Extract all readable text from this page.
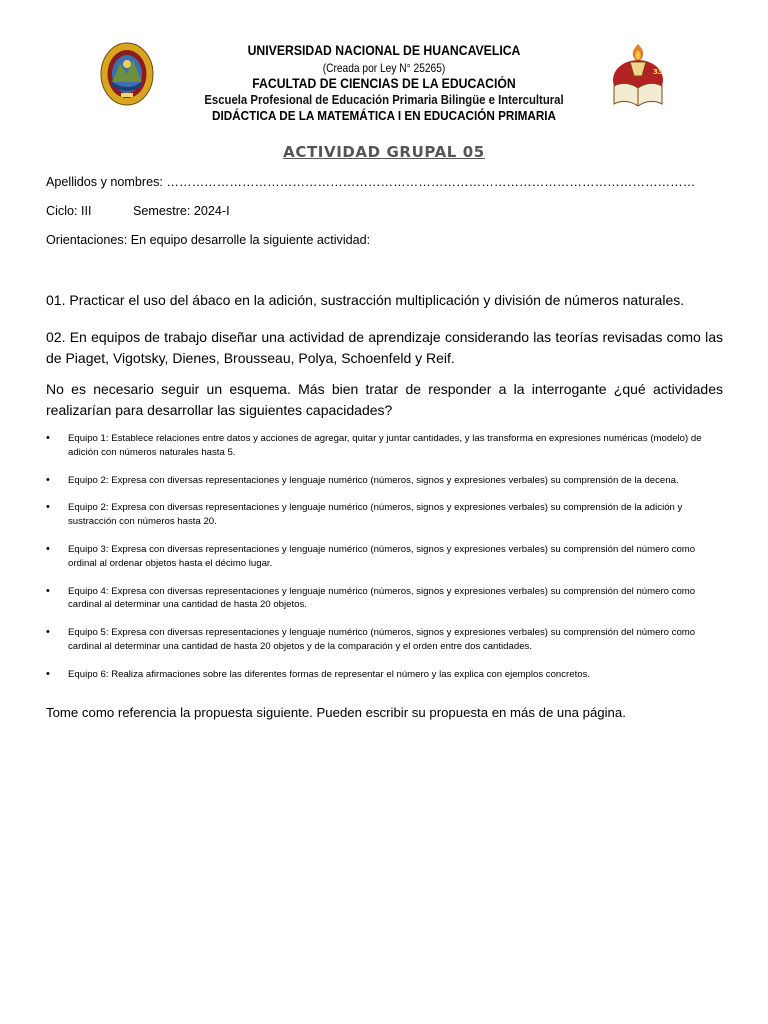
33
UNIVERSIDAD NACIONAL DE HUANCAVELICA
(Creada por Ley N° 25265)
FACULTAD DE CIENCIAS DE LA EDUCACIÓN
Escuela Profesional de Educación Primaria Bilingüe e Intercultural
DIDÁCTICA DE LA MATEMÁTICA I EN EDUCACIÓN PRIMARIA
ACTIVIDAD GRUPAL 05
Apellidos y nombres: ………………………………………………………………………………………………………………
Ciclo: III	Semestre: 2024-I
Orientaciones: En equipo desarrolle la siguiente actividad:
01. Practicar el uso del ábaco en la adición, sustracción multiplicación y división de números naturales.
02. En equipos de trabajo diseñar una actividad de aprendizaje considerando las teorías revisadas como las de Piaget, Vigotsky, Dienes, Brousseau, Polya, Schoenfeld y Reif.
No es necesario seguir un esquema. Más bien tratar de responder a la interrogante ¿qué actividades realizarían para desarrollar las siguientes capacidades?
• Equipo 1: Establece relaciones entre datos y acciones de agregar, quitar y juntar cantidades, y las transforma en expresiones numéricas (modelo) de adición con números naturales hasta 5.
• Equipo 2: Expresa con diversas representaciones y lenguaje numérico (números, signos y expresiones verbales) su comprensión de la decena.
• Equipo 2: Expresa con diversas representaciones y lenguaje numérico (números, signos y expresiones verbales) su comprensión de la adición y sustracción con números hasta 20.
• Equipo 3: Expresa con diversas representaciones y lenguaje numérico (números, signos y expresiones verbales) su comprensión del número como ordinal al ordenar objetos hasta el décimo lugar.
• Equipo 4: Expresa con diversas representaciones y lenguaje numérico (números, signos y expresiones verbales) su comprensión del número como cardinal al determinar una cantidad de hasta 20 objetos.
• Equipo 5: Expresa con diversas representaciones y lenguaje numérico (números, signos y expresiones verbales) su comprensión del número como cardinal al determinar una cantidad de hasta 20 objetos y de la comparación y el orden entre dos cantidades.
• Equipo 6: Realiza afirmaciones sobre las diferentes formas de representar el número y las explica con ejemplos concretos.
Tome como referencia la propuesta siguiente. Pueden escribir su propuesta en más de una página.
